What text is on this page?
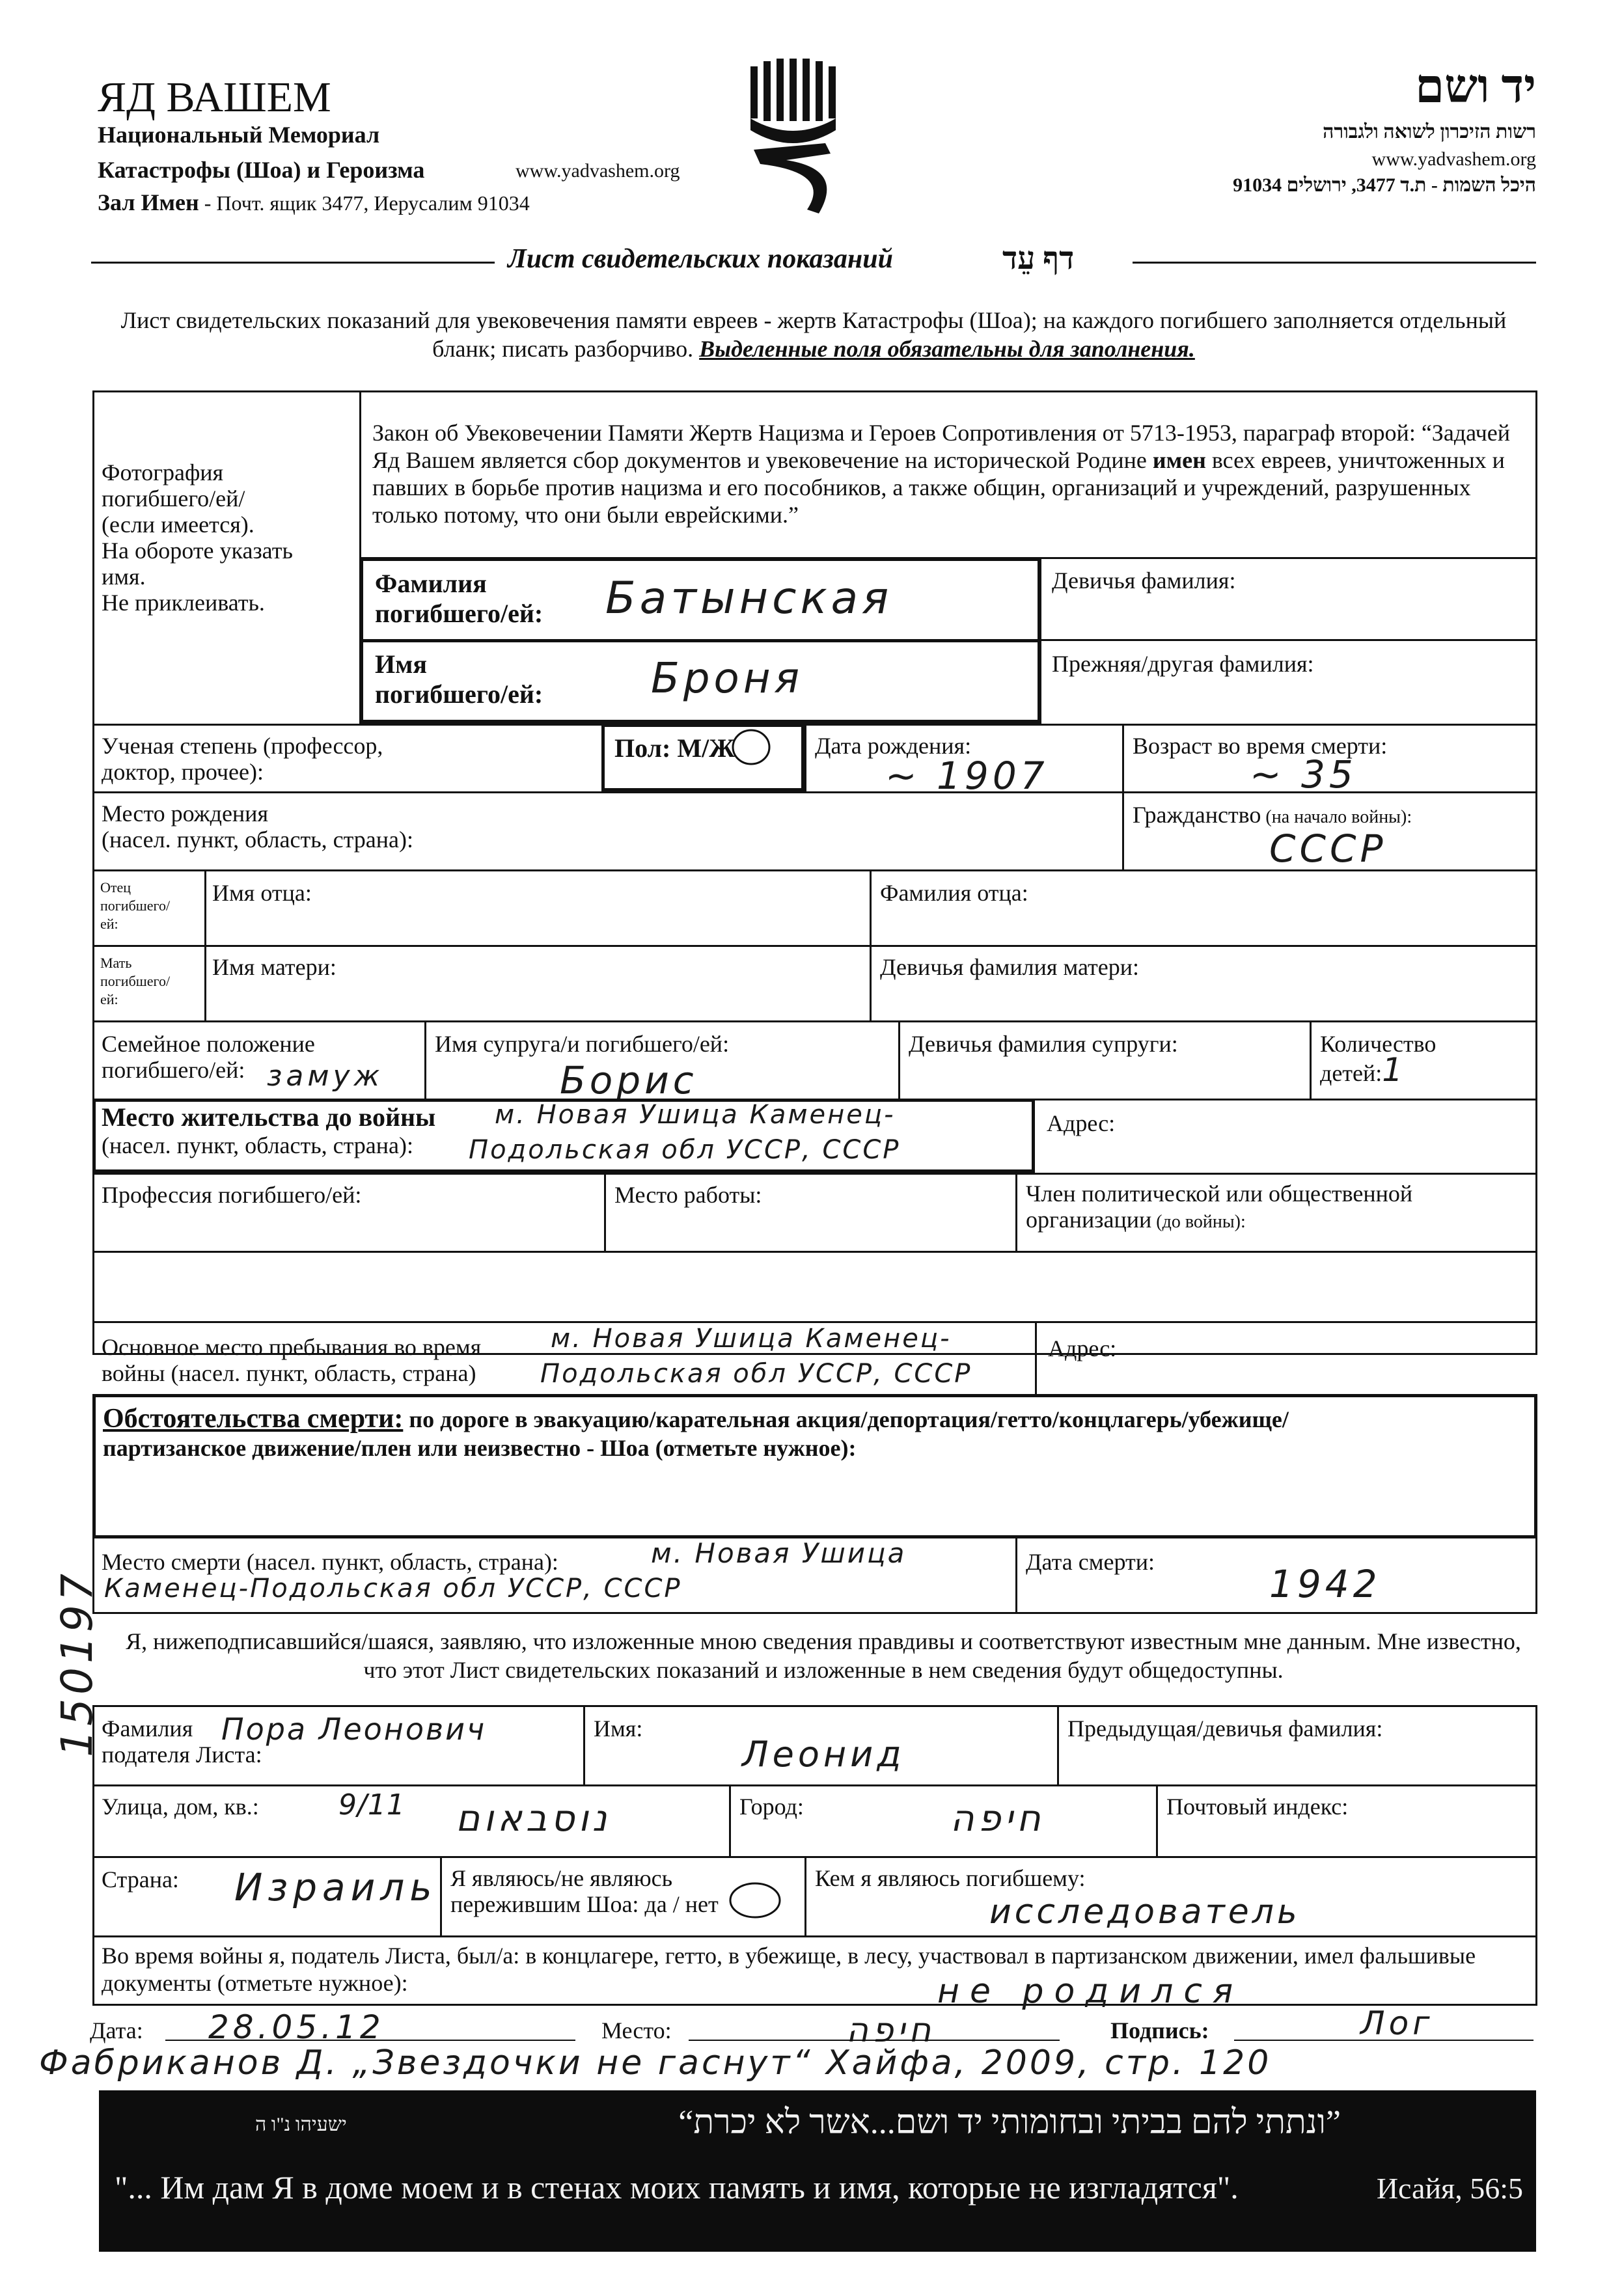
ЯД ВАШЕМ
Национальный Мемориал
Катастрофы (Шоа) и Героизма	www.yadvashem.org
Зал Имен - Почт. ящик 3477, Иерусалим 91034
יד ושם
רשות הזיכרון לשואה ולגבורה
www.yadvashem.org
היכל השמות - ת.ד 3477, ירושלים 91034
Лист свидетельских показаний	דף עֵד
Лист свидетельских показаний для увековечения памяти евреев - жертв Катастрофы (Шоа); на каждого погибшего заполняется отдельный бланк; писать разборчиво. Выделенные поля обязательны для заполнения.
Фотография
погибшего/ей/
(если имеется).
На обороте указать
имя.
Не приклеивать.
Закон об Увековечении Памяти Жертв Нацизма и Героев Сопротивления от 5713-1953, параграф второй: “Задачей Яд Вашем является сбор документов и увековечение на исторической Родине имен всех евреев, уничтоженных и павших в борьбе против нацизма и его пособников, а также общин, организаций и учреждений, разрушенных только потому, что они были еврейскими.”
Фамилия
погибшего/ей: Батынская
Имя
погибшего/ей:	Броня
Девичья фамилия:
Прежняя/другая фамилия:
Ученая степень (профессор,
доктор, прочее):
Пол: М/Ж	Дата рождения:
~ 1907
Возраст во время смерти:
~ 35
Место рождения
(насел. пункт, область, страна):
Гражданство (на начало войны):
СССР
Отец
погибшего/
ей:
Имя отца:	Фамилия отца:
Мать
погибшего/
ей:
Имя матери:	Девичья фамилия матери:
Семейное положение
погибшего/ей: замуж
Имя супруга/и погибшего/ей:
Борис
Девичья фамилия супруги:	Количество
детей:1
Место жительства до войны
(насел. пункт, область, страна):
м. Новая Ушица Каменец-
Подольская обл УССР, СССР
Адрес:
Профессия погибшего/ей:	Место работы:	Член политической или общественной
организации (до войны):
Основное место пребывания во время
войны (насел. пункт, область, страна)
м. Новая Ушица Каменец-
Подольская обл УССР, СССР
Адрес:
Обстоятельства смерти: по дороге в эвакуацию/карательная акция/депортация/гетто/концлагерь/убежище/
партизанское движение/плен или неизвестно - Шоа (отметьте нужное):
Место смерти (насел. пункт, область, страна):	м. Новая Ушица
Каменец-Подольская обл УССР, СССР
Дата смерти:	1942
Я, нижеподписавшийся/шаяся, заявляю, что изложенные мною сведения правдивы и соответствуют известным мне данным. Мне известно, что этот Лист свидетельских показаний и изложенные в нем сведения будут общедоступны.
Фамилия
подателя Листа:
Пора Леонович	Имя:
Леонид
Предыдущая/девичья фамилия:
Улица, дом, кв.:	9/11 נוסבאום	Город:	חיפה	Почтовый индекс:
Страна: Израиль Я являюсь/не являюсь
пережившим Шоа: да / нет
Кем я являюсь погибшему:
исследователь
Во время войны я, податель Листа, был/а: в концлагере, гетто, в убежище, в лесу, участвовал в партизанском движении, имел фальшивые документы (отметьте нужное):	не родился
Дата: 28.05.12	Место:	חיפה	Подпись:	Лог
Фабриканов Д. „Звездочки не гаснут“ Хайфа, 2009, стр. 120
150197
”ונתתי להם בביתי ובחומותי יד ושם...אשר לא יכרת“
ישעיהו נ"ו ה
"... Им дам Я в доме моем и в стенах моих память и имя, которые не изгладятся".	Исайя, 56:5
